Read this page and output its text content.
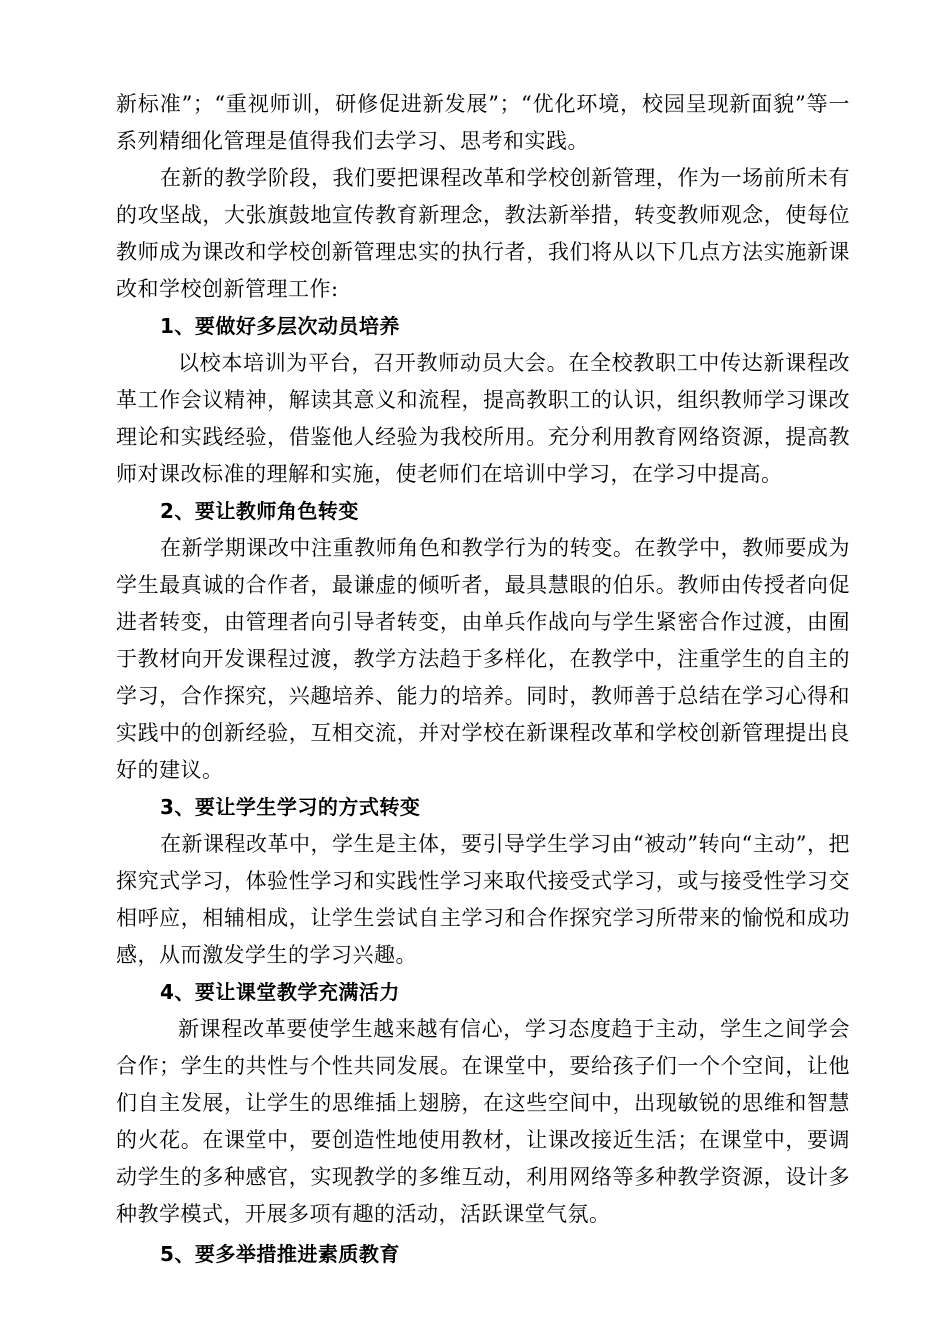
新标准”；“重视师训，研修促进新发展”；“优化环境，校园呈现新面貌”等一系列精细化管理是值得我们去学习、思考和实践。

在新的教学阶段，我们要把课程改革和学校创新管理，作为一场前所未有的攻坚战，大张旗鼓地宣传教育新理念，教法新举措，转变教师观念，使每位教师成为课改和学校创新管理忠实的执行者，我们将从以下几点方法实施新课改和学校创新管理工作:

1、要做好多层次动员培养

以校本培训为平台，召开教师动员大会。在全校教职工中传达新课程改革工作会议精神，解读其意义和流程，提高教职工的认识，组织教师学习课改理论和实践经验，借鉴他人经验为我校所用。充分利用教育网络资源，提高教师对课改标准的理解和实施，使老师们在培训中学习，在学习中提高。

2、要让教师角色转变

在新学期课改中注重教师角色和教学行为的转变。在教学中，教师要成为学生最真诚的合作者，最谦虚的倾听者，最具慧眼的伯乐。教师由传授者向促进者转变，由管理者向引导者转变，由单兵作战向与学生紧密合作过渡，由囿于教材向开发课程过渡，教学方法趋于多样化，在教学中，注重学生的自主的学习，合作探究，兴趣培养、能力的培养。同时，教师善于总结在学习心得和实践中的创新经验，互相交流，并对学校在新课程改革和学校创新管理提出良好的建议。

3、要让学生学习的方式转变

在新课程改革中，学生是主体，要引导学生学习由“被动”转向“主动”，把探究式学习，体验性学习和实践性学习来取代接受式学习，或与接受性学习交相呼应，相辅相成，让学生尝试自主学习和合作探究学习所带来的愉悦和成功感，从而激发学生的学习兴趣。

4、要让课堂教学充满活力

新课程改革要使学生越来越有信心，学习态度趋于主动，学生之间学会合作；学生的共性与个性共同发展。在课堂中，要给孩子们一个个空间，让他们自主发展，让学生的思维插上翅膀，在这些空间中，出现敏锐的思维和智慧的火花。在课堂中，要创造性地使用教材，让课改接近生活；在课堂中，要调动学生的多种感官，实现教学的多维互动，利用网络等多种教学资源，设计多种教学模式，开展多项有趣的活动，活跃课堂气氛。

5、要多举措推进素质教育
